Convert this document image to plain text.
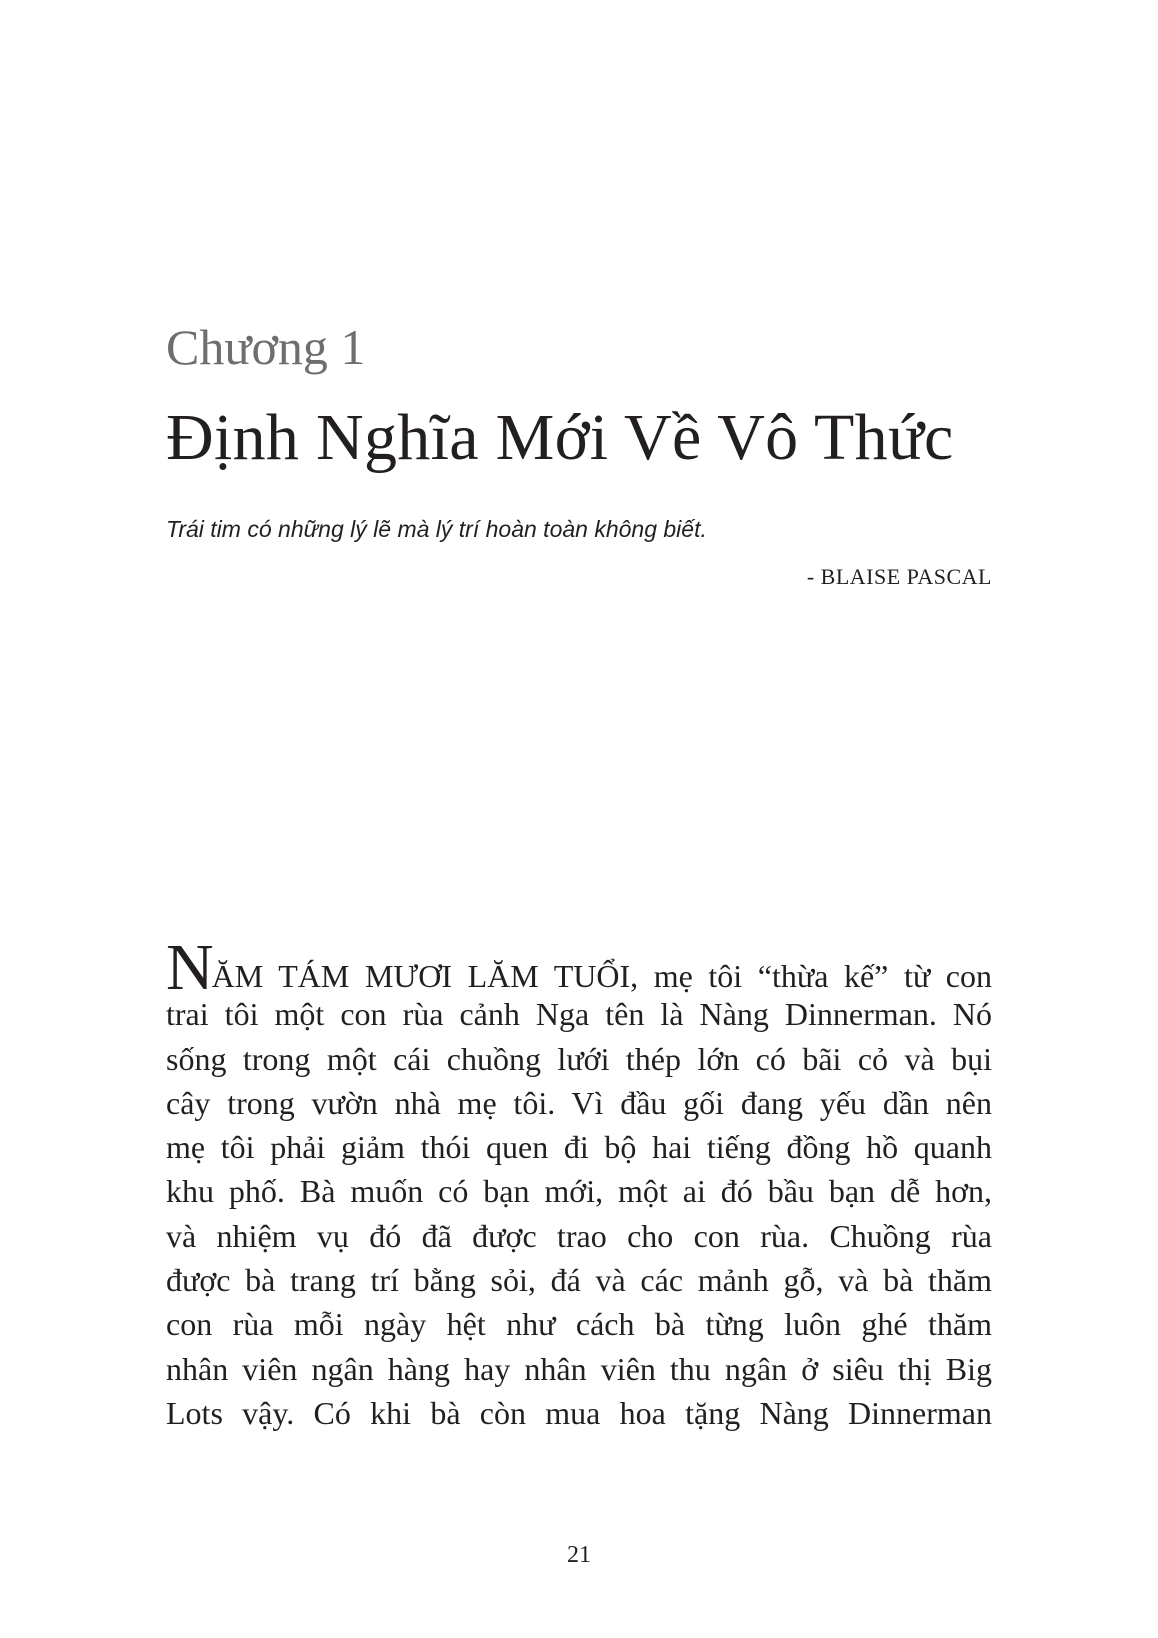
Chương 1

Định Nghĩa Mới Về Vô Thức

Trái tim có những lý lẽ mà lý trí hoàn toàn không biết.

- BLAISE PASCAL

NĂM TÁM MƯƠI LĂM TUỔI, mẹ tôi “thừa kế” từ con
trai tôi một con rùa cảnh Nga tên là Nàng Dinnerman. Nó
sống trong một cái chuồng lưới thép lớn có bãi cỏ và bụi
cây trong vườn nhà mẹ tôi. Vì đầu gối đang yếu dần nên
mẹ tôi phải giảm thói quen đi bộ hai tiếng đồng hồ quanh
khu phố. Bà muốn có bạn mới, một ai đó bầu bạn dễ hơn,
và nhiệm vụ đó đã được trao cho con rùa. Chuồng rùa
được bà trang trí bằng sỏi, đá và các mảnh gỗ, và bà thăm
con rùa mỗi ngày hệt như cách bà từng luôn ghé thăm
nhân viên ngân hàng hay nhân viên thu ngân ở siêu thị Big
Lots vậy. Có khi bà còn mua hoa tặng Nàng Dinnerman

21
